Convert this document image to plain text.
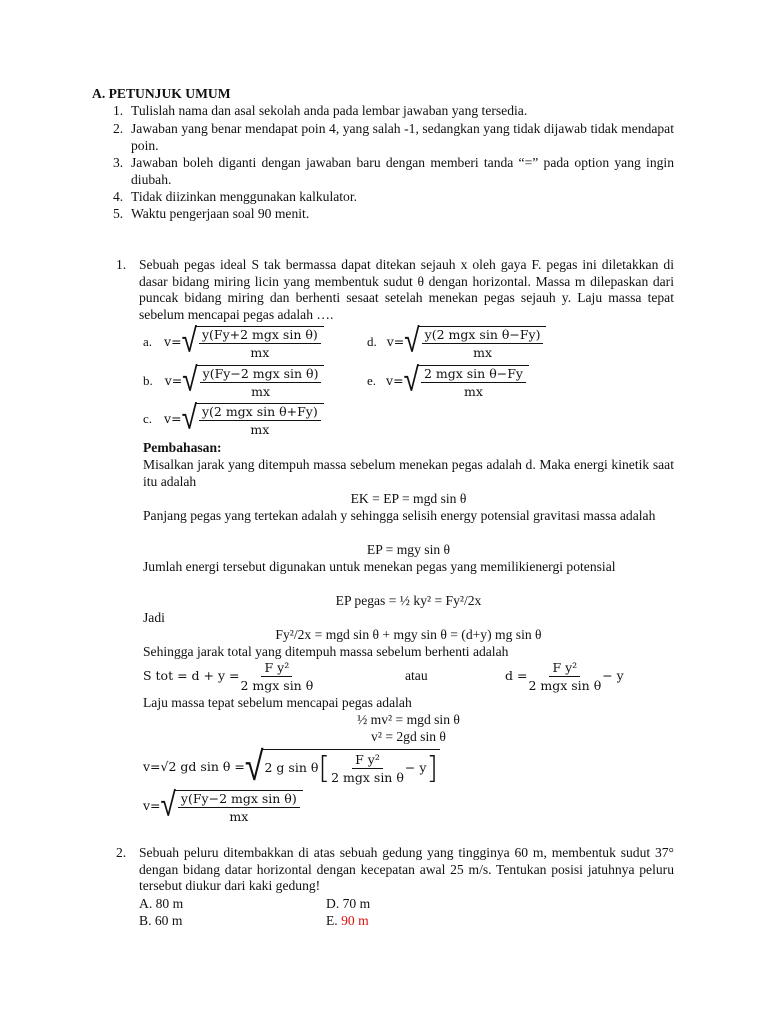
A. PETUNJUK UMUM
1. Tulislah nama dan asal sekolah anda pada lembar jawaban yang tersedia.
2. Jawaban yang benar mendapat poin 4, yang salah -1, sedangkan yang tidak dijawab tidak mendapat poin.
3. Jawaban boleh diganti dengan jawaban baru dengan memberi tanda “=” pada option yang ingin diubah.
4. Tidak diizinkan menggunakan kalkulator.
5. Waktu pengerjaan soal 90 menit.
1. Sebuah pegas ideal S tak bermassa dapat ditekan sejauh x oleh gaya F. pegas ini diletakkan di dasar bidang miring licin yang membentuk sudut θ dengan horizontal. Massa m dilepaskan dari puncak bidang miring dan berhenti sesaat setelah menekan pegas sejauh y. Laju massa tepat sebelum mencapai pegas adalah ….
a. v= √ $\frac{\text{y(Fy+2 mgx sin θ)}}{mx}$
b. v= √ $\frac{\text{y(Fy−2 mgx sin θ)}}{mx}$
c. v= √ $\frac{\text{y(2 mgx sin θ+Fy)}}{mx}$
d. v= √ $\frac{\text{y(2 mgx sin θ−Fy)}}{mx}$
e. v= √ $\frac{\text{2 mgx sin θ−Fy}}{mx}$
Pembahasan:
Misalkan jarak yang ditempuh massa sebelum menekan pegas adalah d. Maka energi kinetik saat itu adalah
EK = EP = mgd sin θ
Panjang pegas yang tertekan adalah y sehingga selisih energy potensial gravitasi massa adalah
EP = mgy sin θ
Jumlah energi tersebut digunakan untuk menekan pegas yang memilikienergi potensial
EP pegas = ½ ky² = Fy²/2x
Jadi
Fy²/2x = mgd sin θ + mgy sin θ = (d+y) mg sin θ
Sehingga jarak total yang ditempuh massa sebelum berhenti adalah
S tot = $d + y = \frac{\text{F y²}}{\text{2 mgx sin θ}}$	atau	$d = \frac{\text{F y²}}{\text{2 mgx sin θ}} - y$
Laju massa tepat sebelum mencapai pegas adalah
½ mv² = mgd sin θ
v² = 2gd sin θ
v=√2 gd sin θ = √ 2 g sin θ [ $\frac{\text{F y²}}{\text{2 mgx sin θ}} - y$ ]
v= √ $\frac{\text{y(Fy−2 mgx sin θ)}}{mx}$
2. Sebuah peluru ditembakkan di atas sebuah gedung yang tingginya 60 m, membentuk sudut 37° dengan bidang datar horizontal dengan kecepatan awal 25 m/s. Tentukan posisi jatuhnya peluru tersebut diukur dari kaki gedung!
A. 80 m	D. 70 m
B. 60 m	E. 90 m
